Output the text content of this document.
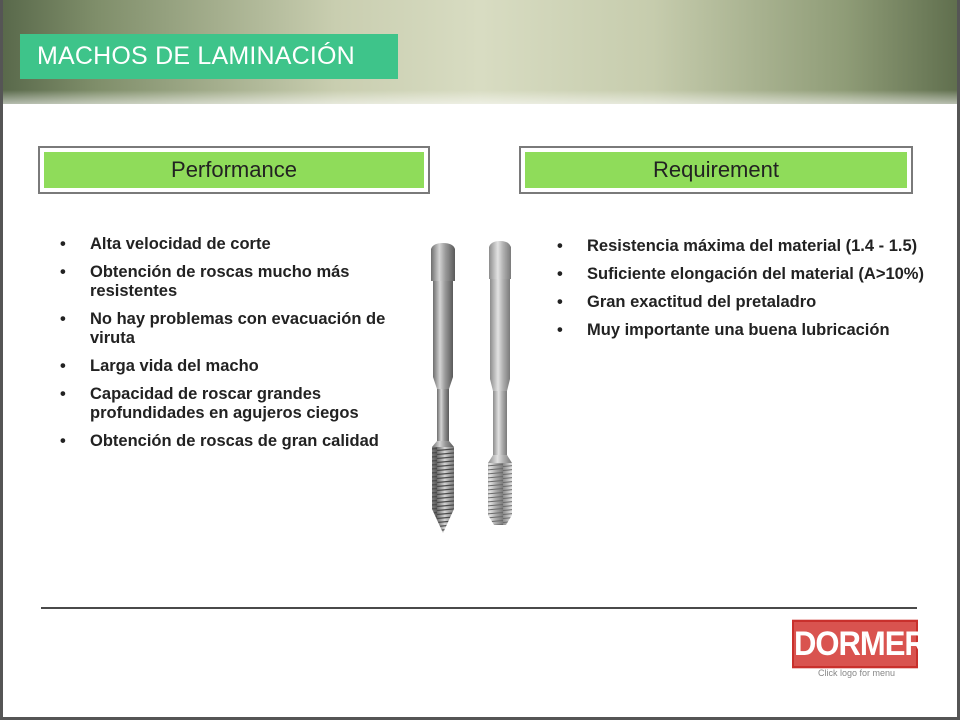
MACHOS DE LAMINACIÓN
Performance	Requirement
• Alta velocidad de corte
• Obtención de roscas mucho más resistentes
• No hay problemas con evacuación de viruta
• Larga vida del macho
• Capacidad de roscar grandes profundidades en agujeros ciegos
• Obtención de roscas de gran calidad
• Resistencia máxima del material (1.4 - 1.5)
• Suficiente elongación del material (A>10%)
• Gran exactitud del pretaladro
• Muy importante una buena lubricación
DORMER
Click logo for menu
